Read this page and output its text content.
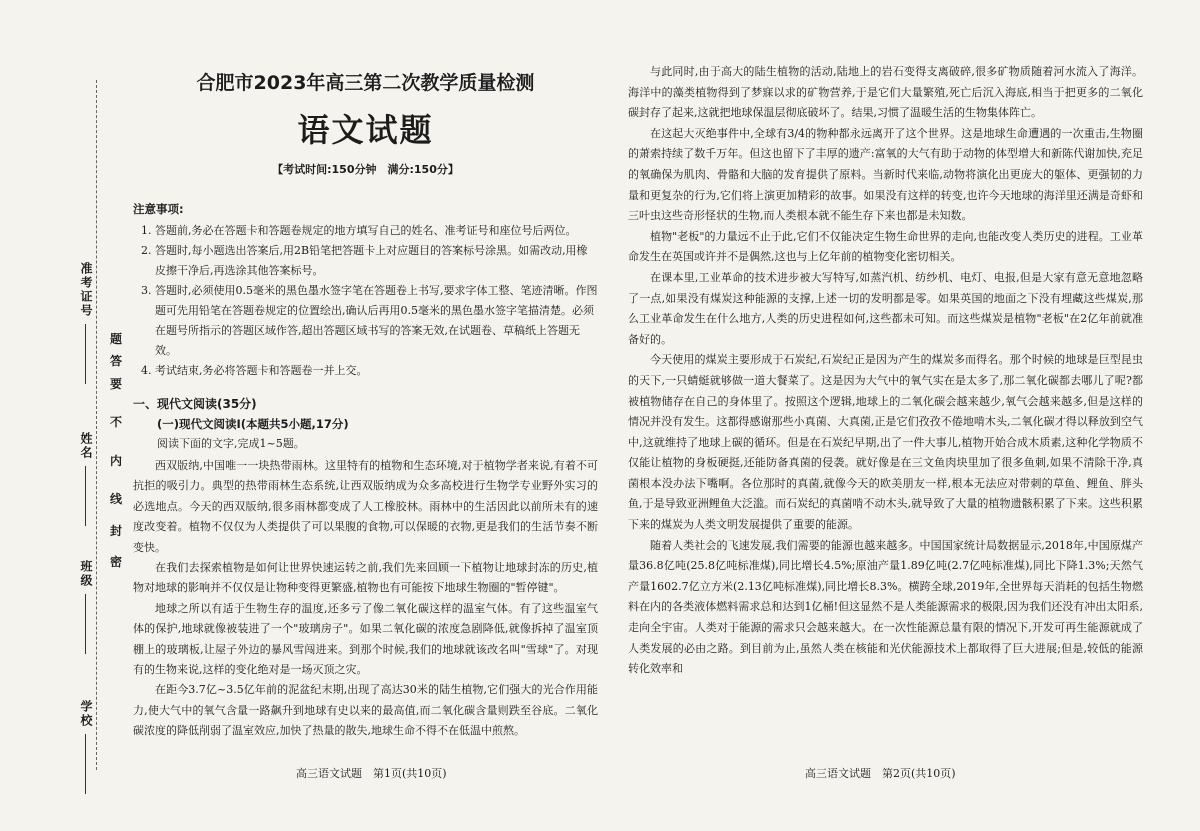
准考证号
姓名
班级
学校
题
答
要
不
内
线
封
密
合肥市2023年高三第二次教学质量检测
语文试题
【考试时间:150分钟　满分:150分】
注意事项:

1. 答题前,务必在答题卡和答题卷规定的地方填写自己的姓名、准考证号和座位号后两位。

2. 答题时,每小题选出答案后,用2B铅笔把答题卡上对应题目的答案标号涂黑。如需改动,用橡皮擦干净后,再选涂其他答案标号。

3. 答题时,必须使用0.5毫米的黑色墨水签字笔在答题卷上书写,要求字体工整、笔迹清晰。作图题可先用铅笔在答题卷规定的位置绘出,确认后再用0.5毫米的黑色墨水签字笔描清楚。必须在题号所指示的答题区域作答,超出答题区域书写的答案无效,在试题卷、草稿纸上答题无效。

4. 考试结束,务必将答题卡和答题卷一并上交。

一、现代文阅读(35分)
(一)现代文阅读Ⅰ(本题共5小题,17分)
阅读下面的文字,完成1~5题。

西双版纳,中国唯一一块热带雨林。这里特有的植物和生态环境,对于植物学者来说,有着不可抗拒的吸引力。典型的热带雨林生态系统,让西双版纳成为众多高校进行生物学专业野外实习的必选地点。今天的西双版纳,很多雨林都变成了人工橡胶林。雨林中的生活因此以前所未有的速度改变着。植物不仅仅为人类提供了可以果腹的食物,可以保暖的衣物,更是我们的生活节奏不断变快。

在我们去探索植物是如何让世界快速运转之前,我们先来回顾一下植物让地球封冻的历史,植物对地球的影响并不仅仅是让物种变得更繁盛,植物也有可能按下地球生物圈的"暂停键"。

地球之所以有适于生物生存的温度,还多亏了像二氧化碳这样的温室气体。有了这些温室气体的保护,地球就像被装进了一个"玻璃房子"。如果二氧化碳的浓度急剧降低,就像拆掉了温室顶棚上的玻璃板,让屋子外边的暴风雪闯进来。到那个时候,我们的地球就该改名叫"雪球"了。对现有的生物来说,这样的变化绝对是一场灭顶之灾。

在距今3.7亿~3.5亿年前的泥盆纪末期,出现了高达30米的陆生植物,它们强大的光合作用能力,使大气中的氧气含量一路飙升到地球有史以来的最高值,而二氧化碳含量则跌至谷底。二氧化碳浓度的降低削弱了温室效应,加快了热量的散失,地球生命不得不在低温中煎熬。

高三语文试题　第1页(共10页)

与此同时,由于高大的陆生植物的活动,陆地上的岩石变得支离破碎,很多矿物质随着河水流入了海洋。海洋中的藻类植物得到了梦寐以求的矿物营养,于是它们大量繁殖,死亡后沉入海底,相当于把更多的二氧化碳封存了起来,这就把地球保温层彻底破坏了。结果,习惯了温暖生活的生物集体阵亡。

在这起大灭绝事件中,全球有3/4的物种都永远离开了这个世界。这是地球生命遭遇的一次重击,生物圈的萧索持续了数千万年。但这也留下了丰厚的遗产:富氧的大气有助于动物的体型增大和新陈代谢加快,充足的氧确保为肌肉、骨骼和大脑的发育提供了原料。当新时代来临,动物将演化出更庞大的躯体、更强韧的力量和更复杂的行为,它们将上演更加精彩的故事。如果没有这样的转变,也许今天地球的海洋里还满是奇虾和三叶虫这些奇形怪状的生物,而人类根本就不能生存下来也都是未知数。

植物"老板"的力量远不止于此,它们不仅能决定生物生命世界的走向,也能改变人类历史的进程。工业革命发生在英国或许并不是偶然,这也与上亿年前的植物变化密切相关。

在课本里,工业革命的技术进步被大写特写,如蒸汽机、纺纱机、电灯、电报,但是大家有意无意地忽略了一点,如果没有煤炭这种能源的支撑,上述一切的发明都是零。如果英国的地面之下没有埋藏这些煤炭,那么工业革命发生在什么地方,人类的历史进程如何,这些都未可知。而这些煤炭是植物"老板"在2亿年前就准备好的。

今天使用的煤炭主要形成于石炭纪,石炭纪正是因为产生的煤炭多而得名。那个时候的地球是巨型昆虫的天下,一只蜻蜓就够做一道大餐菜了。这是因为大气中的氧气实在是太多了,那二氧化碳都去哪儿了呢?都被植物储存在自己的身体里了。按照这个逻辑,地球上的二氧化碳会越来越少,氧气会越来越多,但是这样的情况并没有发生。这都得感谢那些小真菌、大真菌,正是它们孜孜不倦地啃木头,二氧化碳才得以释放到空气中,这就维持了地球上碳的循环。但是在石炭纪早期,出了一件大事儿,植物开始合成木质素,这种化学物质不仅能让植物的身板硬挺,还能防备真菌的侵袭。就好像是在三文鱼肉块里加了很多鱼刺,如果不清除干净,真菌根本没办法下嘴啊。各位那时的真菌,就像今天的欧美朋友一样,根本无法应对带刺的草鱼、鲤鱼、胖头鱼,于是导致亚洲鲤鱼大泛滥。而石炭纪的真菌啃不动木头,就导致了大量的植物遗骸积累了下来。这些积累下来的煤炭为人类文明发展提供了重要的能源。

随着人类社会的飞速发展,我们需要的能源也越来越多。中国国家统计局数据显示,2018年,中国原煤产量36.8亿吨(25.8亿吨标准煤),同比增长4.5%;原油产量1.89亿吨(2.7亿吨标准煤),同比下降1.3%;天然气产量1602.7亿立方米(2.13亿吨标准煤),同比增长8.3%。横跨全球,2019年,全世界每天消耗的包括生物燃料在内的各类液体燃料需求总和达到1亿桶!但这显然不是人类能源需求的极限,因为我们还没有冲出太阳系,走向全宇宙。人类对于能源的需求只会越来越大。在一次性能源总量有限的情况下,开发可再生能源就成了人类发展的必由之路。到目前为止,虽然人类在核能和光伏能源技术上都取得了巨大进展;但是,较低的能源转化效率和

高三语文试题　第2页(共10页)
